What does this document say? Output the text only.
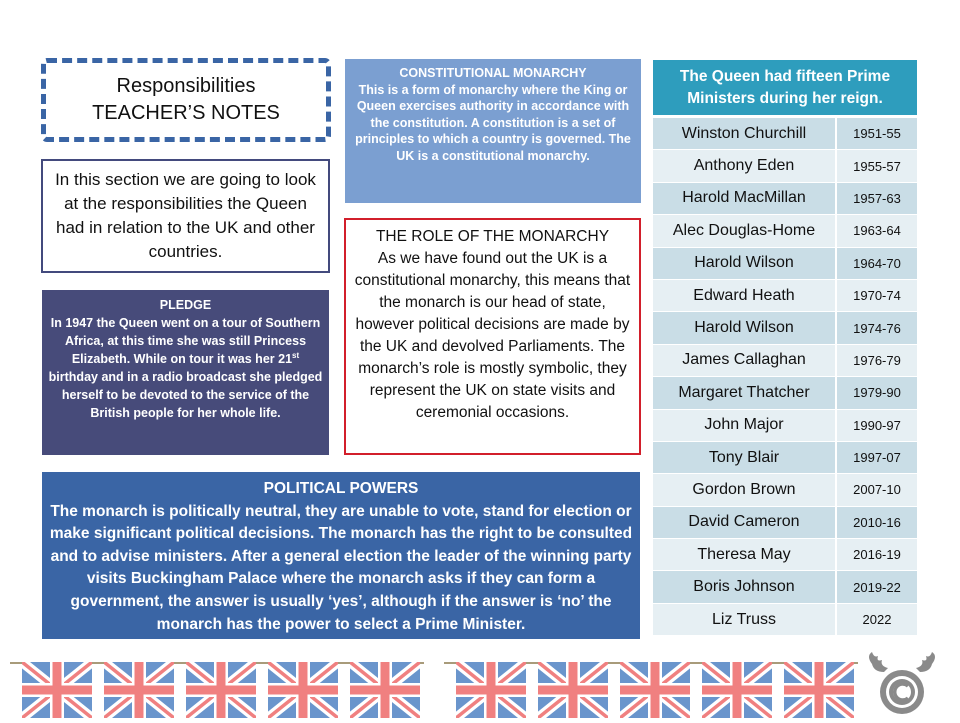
Responsibilities
TEACHER’S NOTES
In this section we are going to look at the responsibilities the Queen had in relation to the UK and other countries.
CONSTITUTIONAL MONARCHY
This is a form of monarchy where the King or Queen exercises authority in accordance with the constitution. A constitution is a set of principles to which a country is governed. The UK is a constitutional monarchy.
PLEDGE
In 1947 the Queen went on a tour of Southern Africa, at this time she was still Princess Elizabeth. While on tour it was her 21st birthday and in a radio broadcast she pledged herself to be devoted to the service of the British people for her whole life.
THE ROLE OF THE MONARCHY
As we have found out the UK is a constitutional monarchy, this means that the monarch is our head of state, however political decisions are made by the UK and devolved Parliaments. The monarch’s role is mostly symbolic, they represent the UK on state visits and ceremonial occasions.
POLITICAL POWERS
The monarch is politically neutral, they are unable to vote, stand for election or make significant political decisions. The monarch has the right to be consulted and to advise ministers. After a general election the leader of the winning party visits Buckingham Palace where the monarch asks if they can form a government, the answer is usually ‘yes’, although if the answer is ‘no’ the monarch has the power to select a Prime Minister.
The Queen had fifteen Prime Ministers during her reign.
Winston Churchill	1951-55
Anthony Eden	1955-57
Harold MacMillan	1957-63
Alec Douglas-Home	1963-64
Harold Wilson	1964-70
Edward Heath	1970-74
Harold Wilson	1974-76
James Callaghan	1976-79
Margaret Thatcher	1979-90
John Major	1990-97
Tony Blair	1997-07
Gordon Brown	2007-10
David Cameron	2010-16
Theresa May	2016-19
Boris Johnson	2019-22
Liz Truss	2022
